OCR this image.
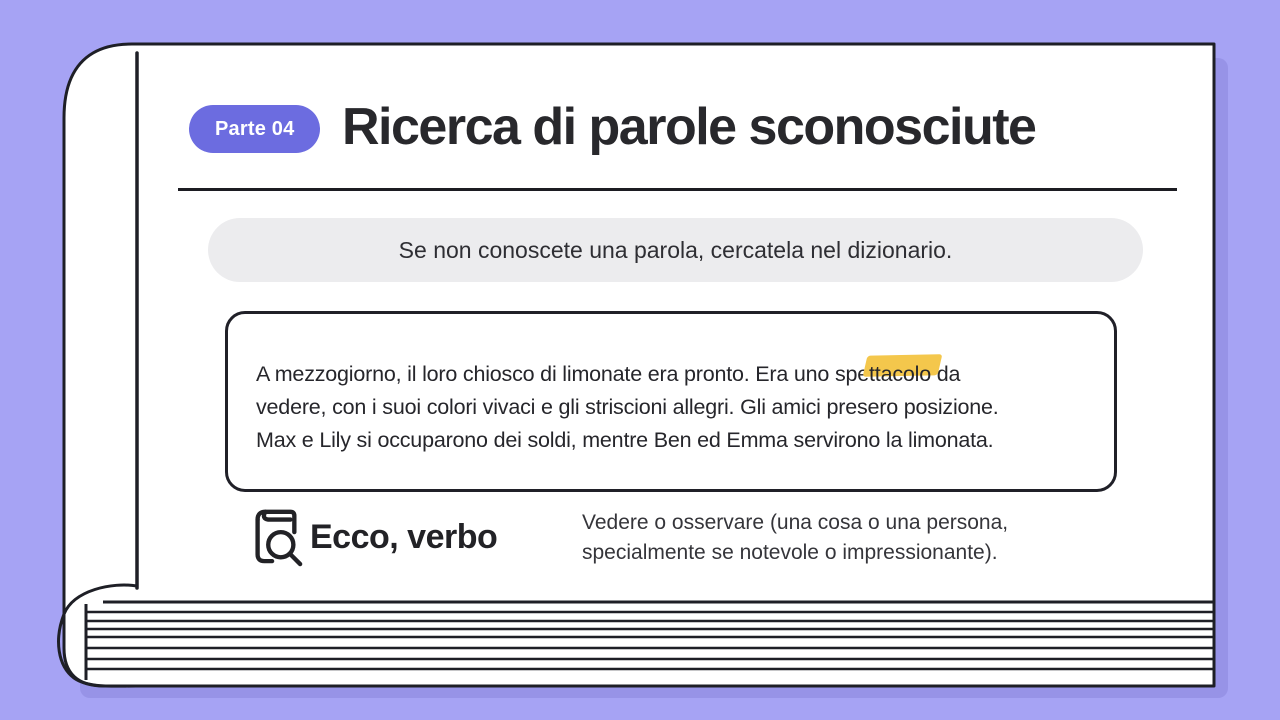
Parte 04 Ricerca di parole sconosciute
Se non conoscete una parola, cercatela nel dizionario.

A mezzogiorno, il loro chiosco di limonate era pronto. Era uno spettacolo da
vedere, con i suoi colori vivaci e gli striscioni allegri. Gli amici presero posizione.
Max e Lily si occuparono dei soldi, mentre Ben ed Emma servirono la limonata.

Ecco, verbo	Vedere o osservare (una cosa o una persona, specialmente se notevole o impressionante).
